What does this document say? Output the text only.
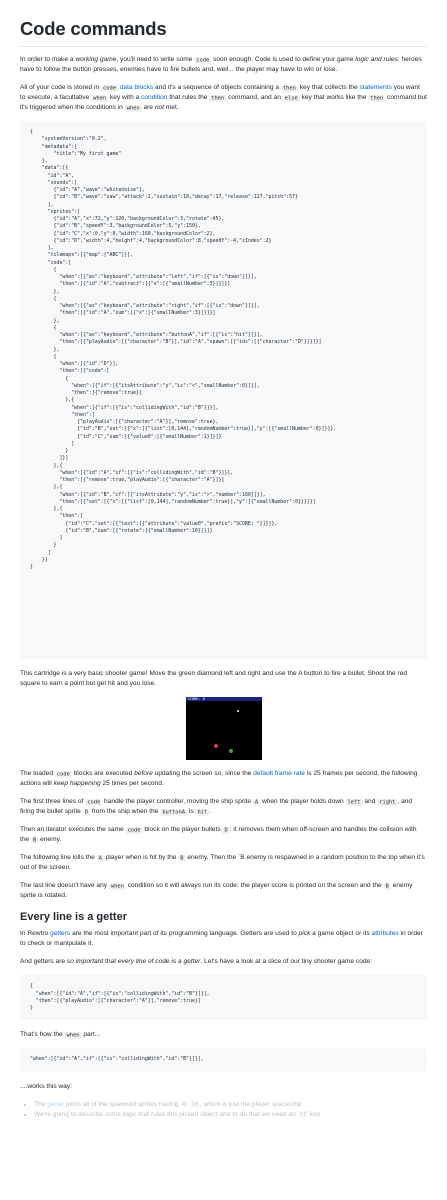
Code commands

In order to make a working game, you'll need to write some code soon enough. Code is used to define your game logic and rules: heroes have to follow the button presses, enemies have to fire bullets and, well... the player may have to win or lose.

All of your code is stored in code data blocks and it's a sequence of objects containing a then key that collects the statements you want to execute, a facultative when key with a condition that rules the then command, and an else key that works like the then command but it's triggered when the conditions in when are not met.

{
"systemVersion":"0.2",
"metadata":{
"title":"My first game"
},
"data":[{
"id":"A",
"sounds":[
{"id":"A","wave":"whitenoise"},
{"id":"B","wave":"saw","attack":2,"sustain":10,"decay":17,"release":127,"pitch":57}
],
"sprites":[
{"id":"A","x":72,"y":120,"backgroundColor":3,"rotate":45},
{"id":"B","speedY":3,"backgroundColor":5,"y":150},
{"id":"C","x":0,"y":0,"width":160,"backgroundColor":2},
{"id":"D","width":4,"height":4,"backgroundColor":8,"speedY":-4,"zIndex":2}
],
"tilemaps":[{"map":["ABC"]}],
"code":[
{
"when":[{"as":"keyboard","attribute":"left","if":[{"is":"down"}]}],
"then":[{"id":"A","subtract":[{"x":[{"smallNumber":3}]}]}]
},
{
"when":[{"as":"keyboard","attribute":"right","if":[{"is":"down"}]}],
"then":[{"id":"A","sum":[{"x":[{"smallNumber":3}]}]}]
},
{
"when":[{"as":"keyboard","attribute":"buttonA","if":[{"is":"hit"}]}],
"then":[{"playAudio":[{"character":"B"}],"id":"A","spawn":[{"ids":[{"character":"D"}]}]}]
},
{
"when":[{"id":"D"}],
"then":[{"code":[
{
"when":[{"if":[{"itsAttribute":"y","is":"<","smallNumber":0}]}],
"then":[{"remove":true}]
},{
"when":[{"if":[{"is":"collidingWith","id":"B"}]}],
"then":[
{"playAudio":[{"character":"A"}],"remove":true},
{"id":"B","set":[{"x":[{"list":[0,144],"randomNumber":true}],"y":[{"smallNumber":0}]}]},
{"id":"C","sum":[{"value0":[{"smallNumber":1}]}]}
]
}
]}]
},{
"when":[{"id":"A","if":[{"is":"collidingWith","id":"B"}]}],
"then":[{"remove":true,"playAudio":[{"character":"A"}]}]
},{
"when":[{"id":"B","if":[{"itsAttribute":"y","is":">","number":160}]}],
"then":[{"set":[{"x":[{"list":[0,144],"randomNumber":true}],"y":[{"smallNumber":0}]}]}]
},{
"then":[
{"id":"C","set":[{"text":[{"attribute":"value0","prefix":"SCORE: "}]}]},
{"id":"B","sum":[{"rotate":[{"smallNumber":10}]}]}
]
}
]
}]
}

This cartridge is a very basic shooter game! Move the green diamond left and right and use the A button to fire a bullet. Shoot the red square to earn a point but get hit and you lose.

SCORE: 0

The loaded code blocks are executed before updating the screen so, since the default frame rate is 25 frames per second, the following actions will keep happening 25 times per second.

The first three lines of code handle the player controller, moving the ship sprite A when the player holds down left and right , and firing the bullet sprite D from the ship when the buttonA is hit .

Then an iterator executes the same code block on the player bullets D : it removes them when off-screen and handles the collision with the B enemy.

The following line kills the A player when is hit by the B enemy. Then the `B enemy is respawned in a random position to the top when it's out of the screen.

The last line doesn't have any when condition so it will always run its code: the player score is printed on the screen and the B enemy sprite is rotated.

Every line is a getter

In Rewtro getters are the most important part of its programming language. Getters are used to pick a game object or its attributes in order to check or manipulate it.

And getters are so important that every line of code is a getter. Let's have a look at a slice of our tiny shooter game code:

{
"when":[{"id":"A","if":[{"is":"collidingWith","id":"B"}]}],
"then":[{"playAudio":[{"character":"A"}],"remove":true}]
}

That's how the when part...

"when":[{"id":"A","if":[{"is":"collidingWith","id":"B"}]}],

....works this way:

• The getter picks all of the spawned sprites having A id , which is just the player spaceship
• We're going to describe some logic that rules this picked object and to do that we need an if key
